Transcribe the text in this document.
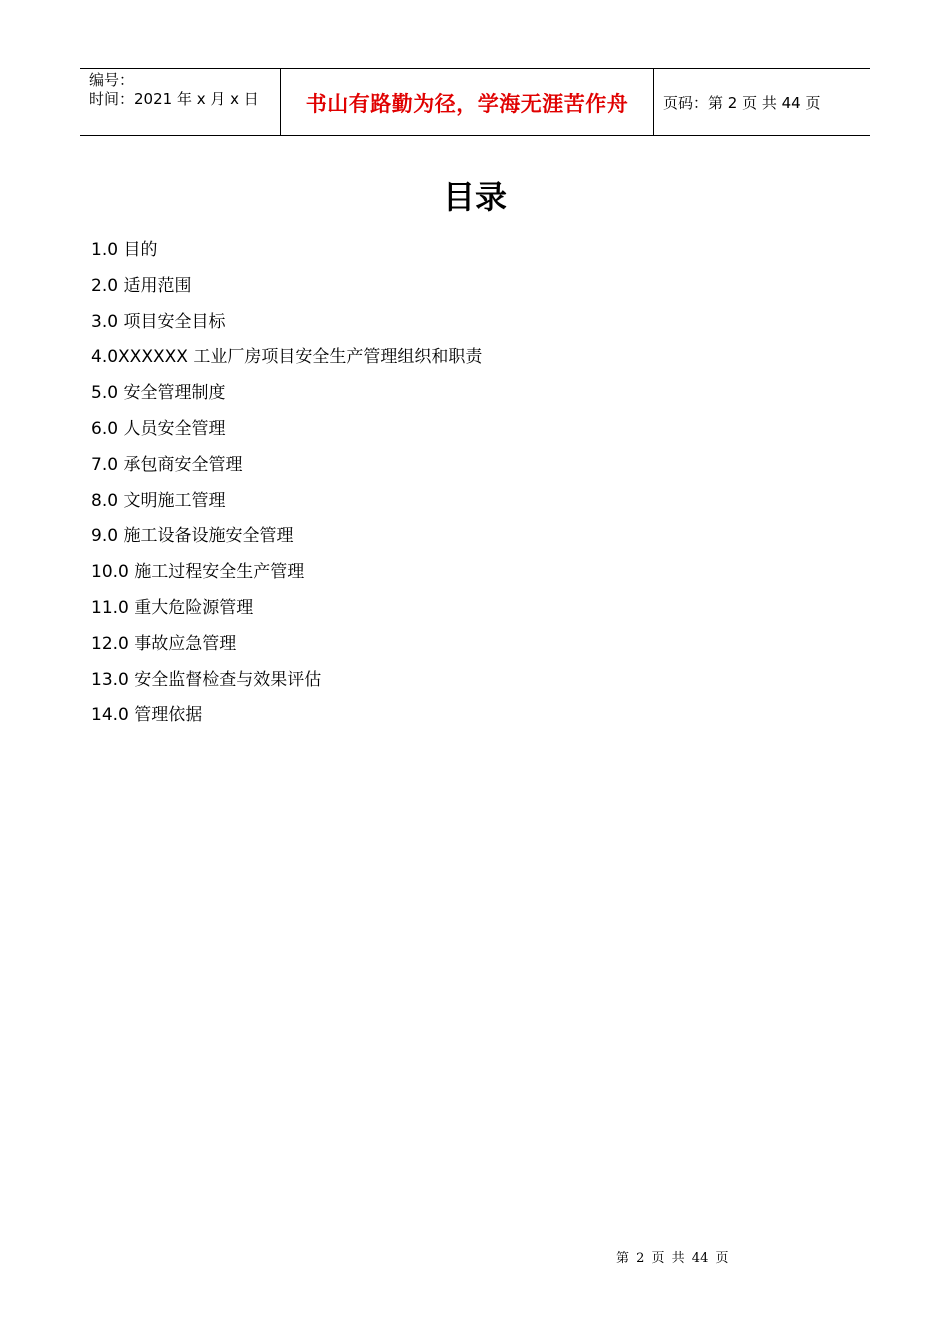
编号：
时间：2021 年 x 月 x 日	书山有路勤为径，学海无涯苦作舟 页码：第 2 页 共 44 页
目录
1.0 目的
2.0 适用范围
3.0 项目安全目标
4.0XXXXXX 工业厂房项目安全生产管理组织和职责
5.0 安全管理制度
6.0 人员安全管理
7.0 承包商安全管理
8.0 文明施工管理
9.0 施工设备设施安全管理
10.0 施工过程安全生产管理
11.0 重大危险源管理
12.0 事故应急管理
13.0 安全监督检查与效果评估
14.0 管理依据
第 2 页 共 44 页
